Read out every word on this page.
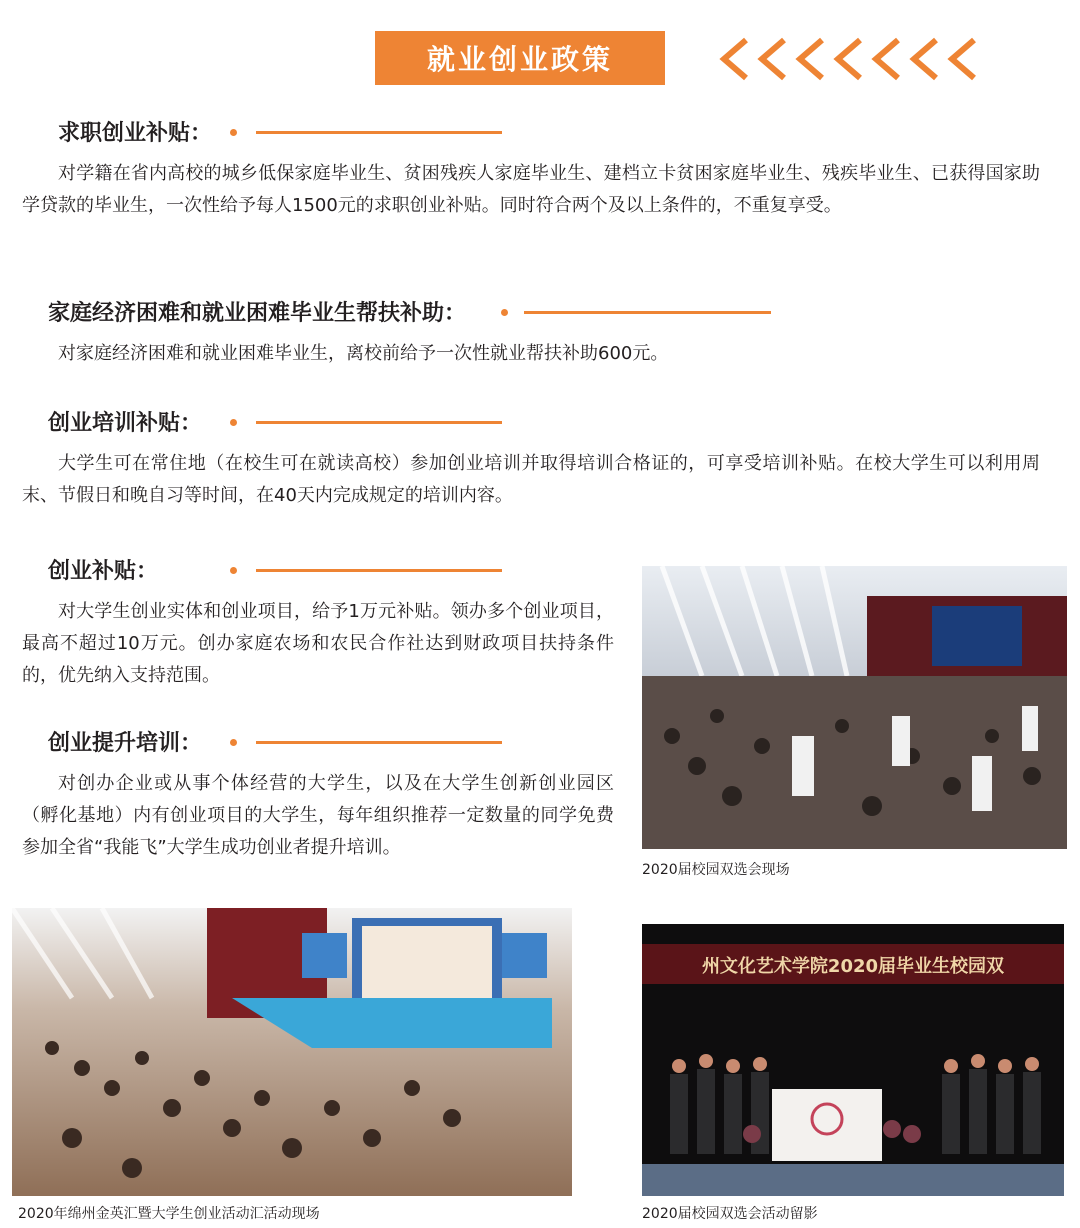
就业创业政策
求职创业补贴：

对学籍在省内高校的城乡低保家庭毕业生、贫困残疾人家庭毕业生、建档立卡贫困家庭毕业生、残疾毕业生、已获得国家助学贷款的毕业生，一次性给予每人1500元的求职创业补贴。同时符合两个及以上条件的，不重复享受。

家庭经济困难和就业困难毕业生帮扶补助：

对家庭经济困难和就业困难毕业生，离校前给予一次性就业帮扶补助600元。

创业培训补贴：

大学生可在常住地（在校生可在就读高校）参加创业培训并取得培训合格证的，可享受培训补贴。在校大学生可以利用周末、节假日和晚自习等时间，在40天内完成规定的培训内容。

创业补贴：

对大学生创业实体和创业项目，给予1万元补贴。领办多个创业项目，最高不超过10万元。创办家庭农场和农民合作社达到财政项目扶持条件的，优先纳入支持范围。

创业提升培训：

对创办企业或从事个体经营的大学生，以及在大学生创新创业园区（孵化基地）内有创业项目的大学生，每年组织推荐一定数量的同学免费参加全省“我能飞”大学生成功创业者提升培训。

2020届校园双选会现场
2020年绵州金英汇暨大学生创业活动汇活动现场
州文化艺术学院2020届毕业生校园双
2020届校园双选会活动留影
